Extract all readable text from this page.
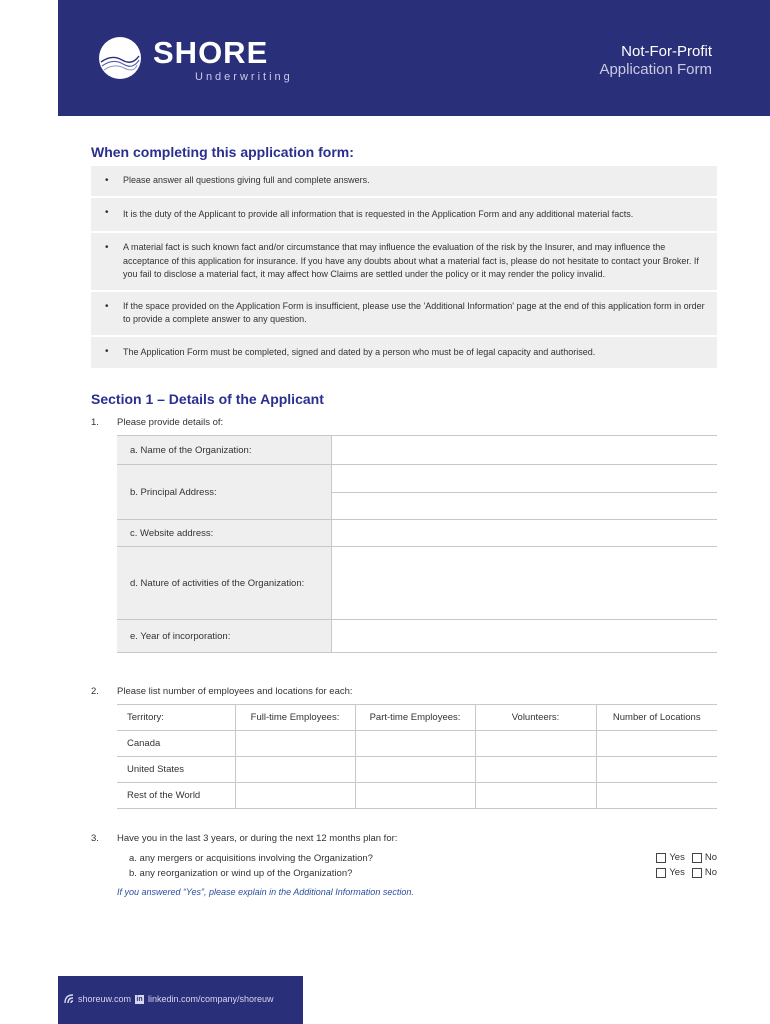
SHORE
Underwriting
Not-For-Profit
Application Form
When completing this application form:
• Please answer all questions giving full and complete answers.
• It is the duty of the Applicant to provide all information that is requested in the Application Form and any additional material facts.
• A material fact is such known fact and/or circumstance that may influence the evaluation of the risk by the Insurer, and may influence the acceptance of this application for insurance. If you have any doubts about what a material fact is, please do not hesitate to contact your Broker. If you fail to disclose a material fact, it may affect how Claims are settled under the policy or it may render the policy invalid.
• If the space provided on the Application Form is insufficient, please use the 'Additional Information' page at the end of this application form in order to provide a complete answer to any question.
• The Application Form must be completed, signed and dated by a person who must be of legal capacity and authorised.
Section 1 – Details of the Applicant
1. Please provide details of:
a. Name of the Organization:	
b. Principal Address:	

c. Website address:	
d. Nature of activities of the Organization:	
e. Year of incorporation:	
2. Please list number of employees and locations for each:
Territory:	Full-time Employees:	Part-time Employees:	Volunteers:	Number of Locations
Canada				
United States				
Rest of the World				
3. Have you in the last 3 years, or during the next 12 months plan for:
a. any mergers or acquisitions involving the Organization?	Yes No
b. any reorganization or wind up of the Organization?	Yes No
If you answered “Yes”, please explain in the Additional Information section.
shoreuw.com in linkedin.com/company/shoreuw
